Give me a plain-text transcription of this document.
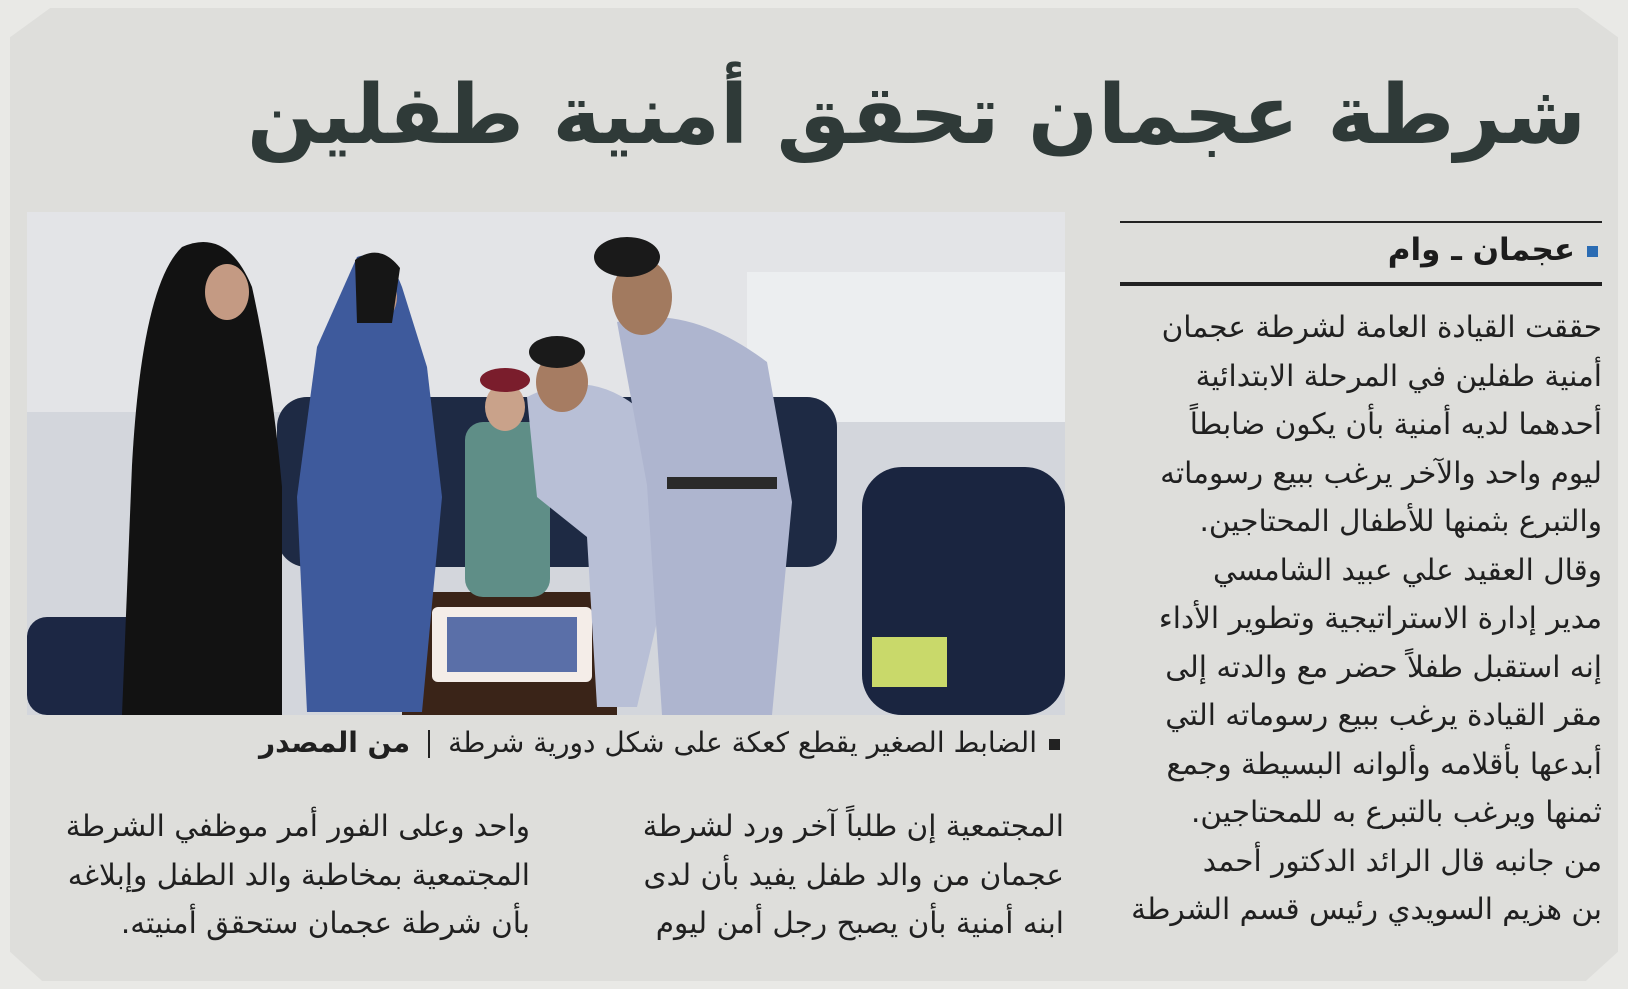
شرطة عجمان تحقق أمنية طفلين
عجمان ـ وام

حققت القيادة العامة لشرطة عجمان

أمنية طفلين في المرحلة الابتدائية

أحدهما لديه أمنية بأن يكون ضابطاً

ليوم واحد والآخر يرغب ببيع رسوماته

والتبرع بثمنها للأطفال المحتاجين.

وقال العقيد علي عبيد الشامسي

مدير إدارة الاستراتيجية وتطوير الأداء

إنه استقبل طفلاً حضر مع والدته إلى

مقر القيادة يرغب ببيع رسوماته التي

أبدعها بأقلامه وألوانه البسيطة وجمع

ثمنها ويرغب بالتبرع به للمحتاجين.

من جانبه قال الرائد الدكتور أحمد

بن هزيم السويدي رئيس قسم الشرطة

الضابط الصغير يقطع كعكة على شكل دورية شرطةمن المصدر

المجتمعية إن طلباً آخر ورد لشرطة

عجمان من والد طفل يفيد بأن لدى

ابنه أمنية بأن يصبح رجل أمن ليوم

واحد وعلى الفور أمر موظفي الشرطة

المجتمعية بمخاطبة والد الطفل وإبلاغه

بأن شرطة عجمان ستحقق أمنيته.
